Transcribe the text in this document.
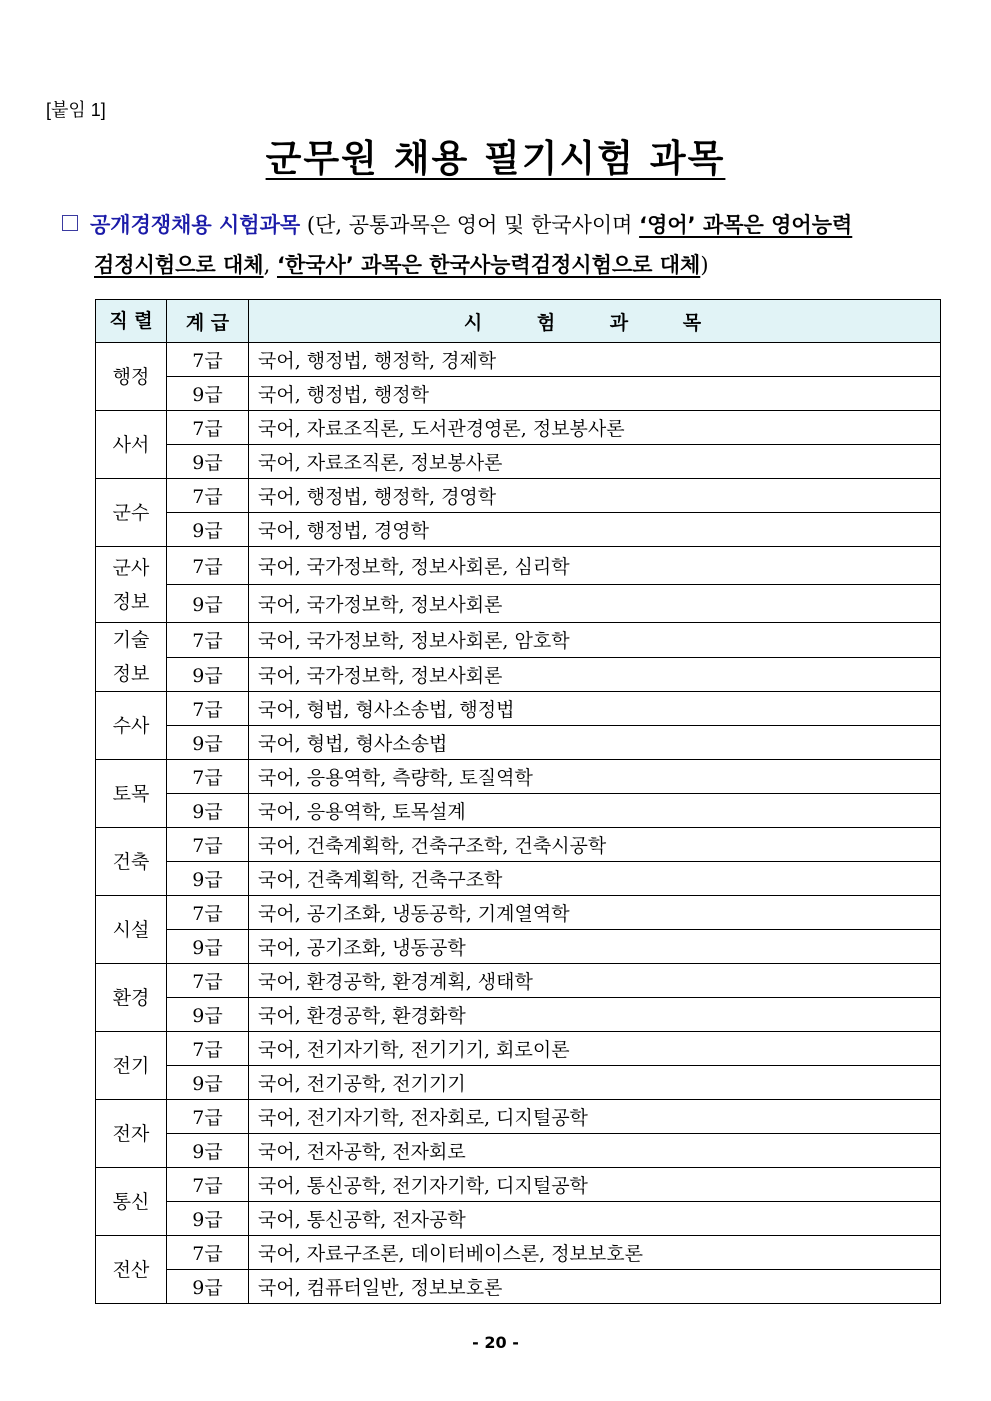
[붙임 1]
군무원 채용 필기시험 과목
공개경쟁채용 시험과목 (단, 공통과목은 영어 및 한국사이며 ‘영어’ 과목은 영어능력
검정시험으로 대체, ‘한국사’ 과목은 한국사능력검정시험으로 대체)
직 렬	계 급	시 험 과 목
행정	7급	국어, 행정법, 행정학, 경제학
	9급	국어, 행정법, 행정학
사서	7급	국어, 자료조직론, 도서관경영론, 정보봉사론
	9급	국어, 자료조직론, 정보봉사론
군수	7급	국어, 행정법, 행정학, 경영학
	9급	국어, 행정법, 경영학
군사
정보	7급	국어, 국가정보학, 정보사회론, 심리학
	9급	국어, 국가정보학, 정보사회론
기술
정보	7급	국어, 국가정보학, 정보사회론, 암호학
	9급	국어, 국가정보학, 정보사회론
수사	7급	국어, 형법, 형사소송법, 행정법
	9급	국어, 형법, 형사소송법
토목	7급	국어, 응용역학, 측량학, 토질역학
	9급	국어, 응용역학, 토목설계
건축	7급	국어, 건축계획학, 건축구조학, 건축시공학
	9급	국어, 건축계획학, 건축구조학
시설	7급	국어, 공기조화, 냉동공학, 기계열역학
	9급	국어, 공기조화, 냉동공학
환경	7급	국어, 환경공학, 환경계획, 생태학
	9급	국어, 환경공학, 환경화학
전기	7급	국어, 전기자기학, 전기기기, 회로이론
	9급	국어, 전기공학, 전기기기
전자	7급	국어, 전기자기학, 전자회로, 디지털공학
	9급	국어, 전자공학, 전자회로
통신	7급	국어, 통신공학, 전기자기학, 디지털공학
	9급	국어, 통신공학, 전자공학
전산	7급	국어, 자료구조론, 데이터베이스론, 정보보호론
	9급	국어, 컴퓨터일반, 정보보호론
- 20 -
